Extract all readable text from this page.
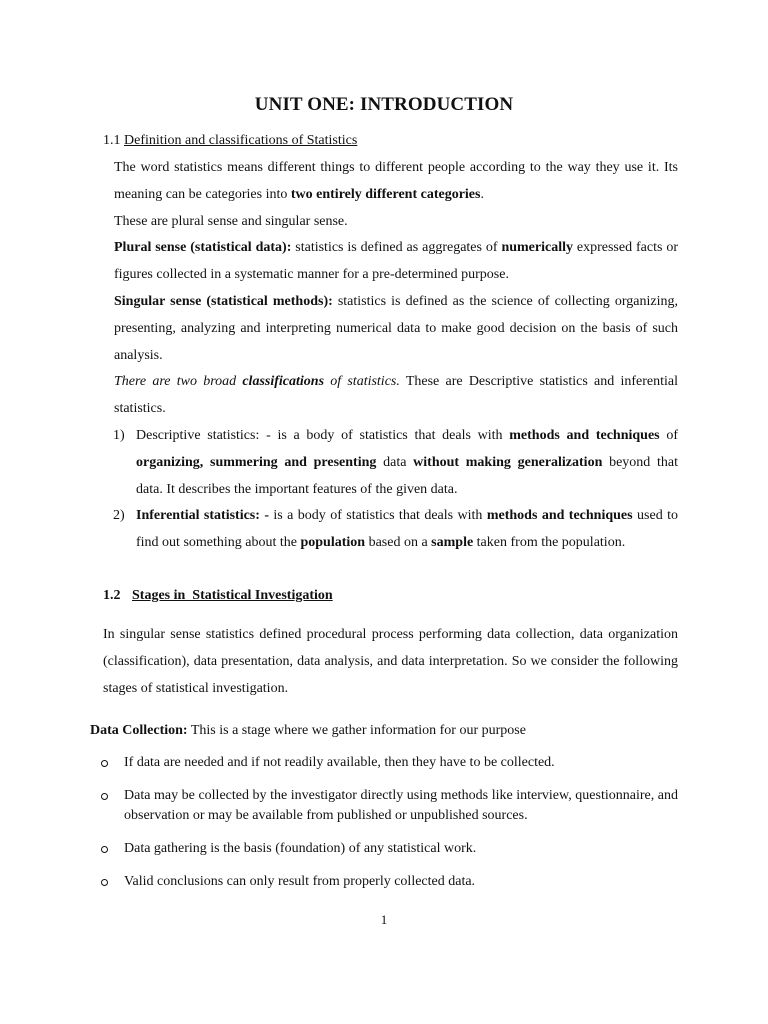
UNIT ONE: INTRODUCTION
1.1 Definition and classifications of Statistics

The word statistics means different things to different people according to the way they use it. Its meaning can be categories into two entirely different categories.

These are plural sense and singular sense.

Plural sense (statistical data): statistics is defined as aggregates of numerically expressed facts or figures collected in a systematic manner for a pre-determined purpose.

Singular sense (statistical methods): statistics is defined as the science of collecting organizing, presenting, analyzing and interpreting numerical data to make good decision on the basis of such analysis.

There are two broad classifications of statistics. These are Descriptive statistics and inferential statistics.

1) Descriptive statistics: - is a body of statistics that deals with methods and techniques of organizing, summering and presenting data without making generalization beyond that data. It describes the important features of the given data.
2) Inferential statistics: - is a body of statistics that deals with methods and techniques used to find out something about the population based on a sample taken from the population.
1.2 Stages in  Statistical Investigation
In singular sense statistics defined procedural process performing data collection, data organization (classification), data presentation, data analysis, and data interpretation. So we consider the following stages of statistical investigation.
Data Collection: This is a stage where we gather information for our purpose
If data are needed and if not readily available, then they have to be collected.
Data may be collected by the investigator directly using methods like interview, questionnaire, and observation or may be available from published or unpublished sources.
Data gathering is the basis (foundation) of any statistical work.
Valid conclusions can only result from properly collected data.
1
